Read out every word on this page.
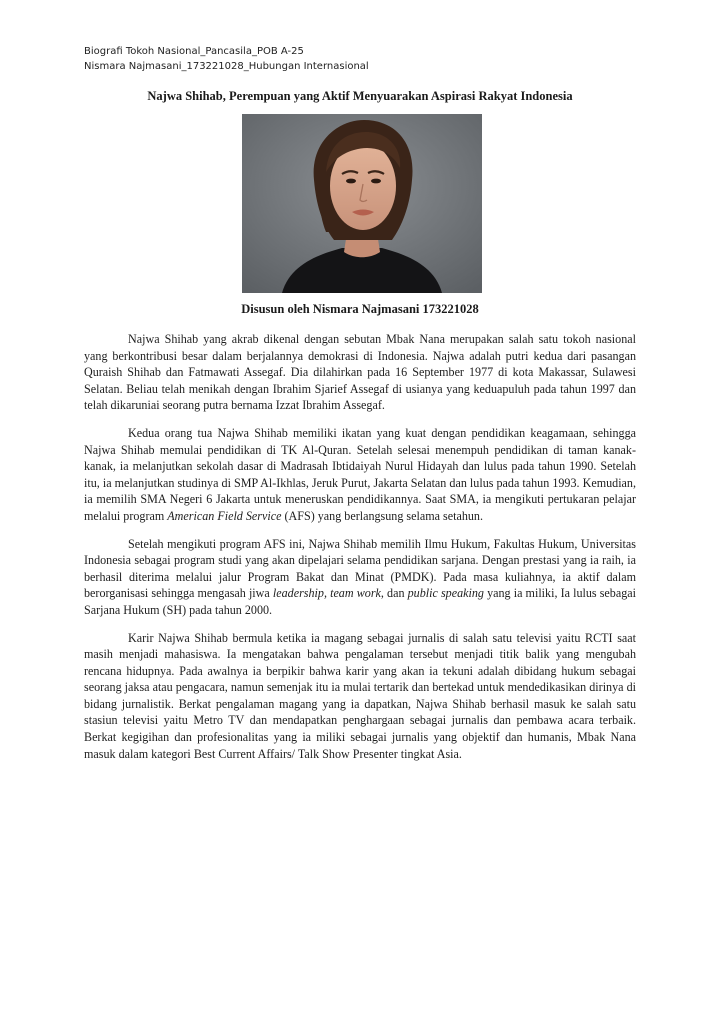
Biografi Tokoh Nasional_Pancasila_POB A-25
Nismara Najmasani_173221028_Hubungan Internasional
Najwa Shihab, Perempuan yang Aktif Menyuarakan Aspirasi Rakyat Indonesia
Disusun oleh Nismara Najmasani 173221028

Najwa Shihab yang akrab dikenal dengan sebutan Mbak Nana merupakan salah satu tokoh nasional yang berkontribusi besar dalam berjalannya demokrasi di Indonesia. Najwa adalah putri kedua dari pasangan Quraish Shihab dan Fatmawati Assegaf. Dia dilahirkan pada 16 September 1977 di kota Makassar, Sulawesi Selatan. Beliau telah menikah dengan Ibrahim Sjarief Assegaf di usianya yang keduapuluh pada tahun 1997 dan telah dikaruniai seorang putra bernama Izzat Ibrahim Assegaf.

Kedua orang tua Najwa Shihab memiliki ikatan yang kuat dengan pendidikan keagamaan, sehingga Najwa Shihab memulai pendidikan di TK Al-Quran. Setelah selesai menempuh pendidikan di taman kanak-kanak, ia melanjutkan sekolah dasar di Madrasah Ibtidaiyah Nurul Hidayah dan lulus pada tahun 1990. Setelah itu, ia melanjutkan studinya di SMP Al-Ikhlas, Jeruk Purut, Jakarta Selatan dan lulus pada tahun 1993. Kemudian, ia memilih SMA Negeri 6 Jakarta untuk meneruskan pendidikannya. Saat SMA, ia mengikuti pertukaran pelajar melalui program American Field Service (AFS) yang berlangsung selama setahun.

Setelah mengikuti program AFS ini, Najwa Shihab memilih Ilmu Hukum, Fakultas Hukum, Universitas Indonesia sebagai program studi yang akan dipelajari selama pendidikan sarjana. Dengan prestasi yang ia raih, ia berhasil diterima melalui jalur Program Bakat dan Minat (PMDK). Pada masa kuliahnya, ia aktif dalam berorganisasi sehingga mengasah jiwa leadership, team work, dan public speaking yang ia miliki, Ia lulus sebagai Sarjana Hukum (SH) pada tahun 2000.

Karir Najwa Shihab bermula ketika ia magang sebagai jurnalis di salah satu televisi yaitu RCTI saat masih menjadi mahasiswa. Ia mengatakan bahwa pengalaman tersebut menjadi titik balik yang mengubah rencana hidupnya. Pada awalnya ia berpikir bahwa karir yang akan ia tekuni adalah dibidang hukum sebagai seorang jaksa atau pengacara, namun semenjak itu ia mulai tertarik dan bertekad untuk mendedikasikan dirinya di bidang jurnalistik. Berkat pengalaman magang yang ia dapatkan, Najwa Shihab berhasil masuk ke salah satu stasiun televisi yaitu Metro TV dan mendapatkan penghargaan sebagai jurnalis dan pembawa acara terbaik. Berkat kegigihan dan profesionalitas yang ia miliki sebagai jurnalis yang objektif dan humanis, Mbak Nana masuk dalam kategori Best Current Affairs/ Talk Show Presenter tingkat Asia.
